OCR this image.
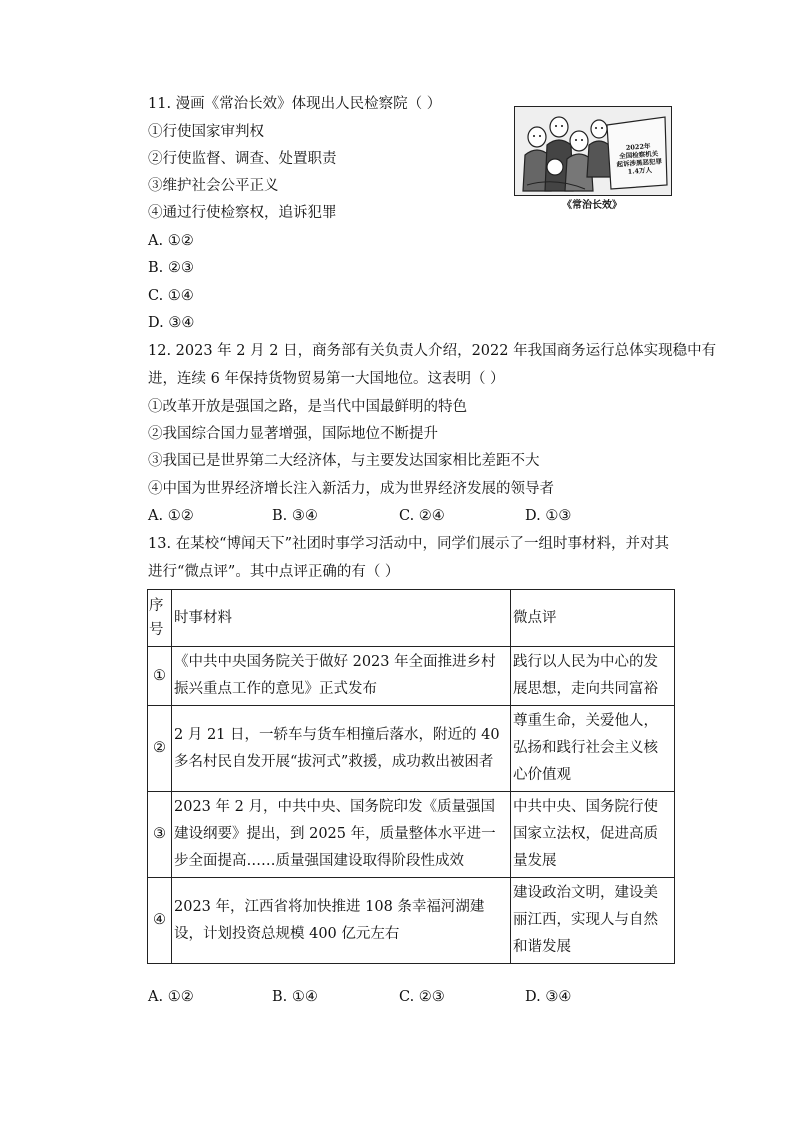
11. 漫画《常治长效》体现出人民检察院（ ）
①行使国家审判权
②行使监督、调查、处置职责
③维护社会公平正义
④通过行使检察权，追诉犯罪
A. ①②
B. ②③
C. ①④
D. ③④
2022年
全国检察机关
起诉涉黑恶犯罪
1.4万人
《常治长效》
12. 2023 年 2 月 2 日，商务部有关负责人介绍，2022 年我国商务运行总体实现稳中有
进，连续 6 年保持货物贸易第一大国地位。这表明（ ）
①改革开放是强国之路，是当代中国最鲜明的特色
②我国综合国力显著增强，国际地位不断提升
③我国已是世界第二大经济体，与主要发达国家相比差距不大
④中国为世界经济增长注入新活力，成为世界经济发展的领导者
A. ①②	B. ③④	C. ②④	D. ①③
13. 在某校“博闻天下”社团时事学习活动中，同学们展示了一组时事材料，并对其
进行“微点评”。其中点评正确的有（ ）
序号	时事材料	微点评
①	《中共中央国务院关于做好 2023 年全面推进乡村振兴重点工作的意见》正式发布	践行以人民为中心的发展思想，走向共同富裕
②	2 月 21 日，一轿车与货车相撞后落水，附近的 40 多名村民自发开展“拔河式”救援，成功救出被困者	尊重生命，关爱他人，弘扬和践行社会主义核心价值观
③	2023 年 2 月，中共中央、国务院印发《质量强国建设纲要》提出，到 2025 年，质量整体水平进一步全面提高……质量强国建设取得阶段性成效	中共中央、国务院行使国家立法权，促进高质量发展
④	2023 年，江西省将加快推进 108 条幸福河湖建设，计划投资总规模 400 亿元左右	建设政治文明，建设美丽江西，实现人与自然和谐发展
A. ①②	B. ①④	C. ②③	D. ③④
